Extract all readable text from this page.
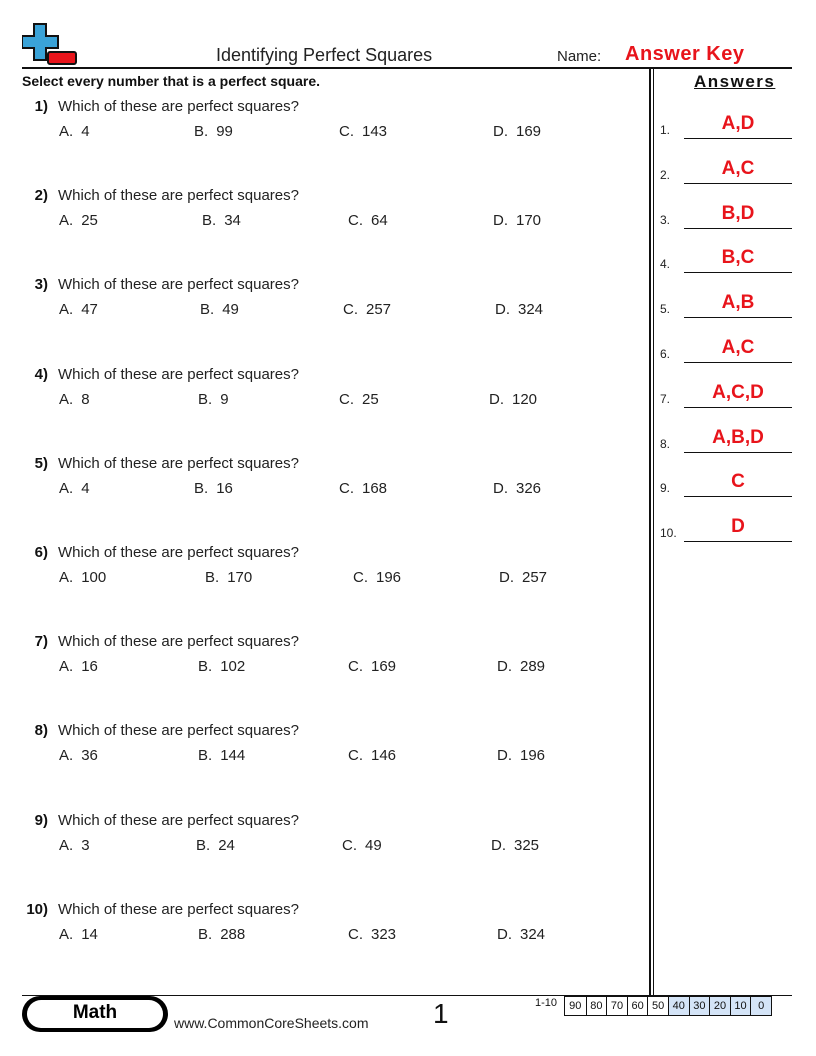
Identifying Perfect Squares	Name: Answer Key
Select every number that is a perfect square.
1) Which of these are perfect squares?
A. 4	B. 99	C. 143	D. 169
2) Which of these are perfect squares?
A. 25	B. 34	C. 64	D. 170
3) Which of these are perfect squares?
A. 47	B. 49	C. 257	D. 324
4) Which of these are perfect squares?
A. 8	B. 9	C. 25	D. 120
5) Which of these are perfect squares?
A. 4	B. 16	C. 168	D. 326
6) Which of these are perfect squares?
A. 100	B. 170	C. 196	D. 257
7) Which of these are perfect squares?
A. 16	B. 102	C. 169	D. 289
8) Which of these are perfect squares?
A. 36	B. 144	C. 146	D. 196
9) Which of these are perfect squares?
A. 3	B. 24	C. 49	D. 325
10) Which of these are perfect squares?
A. 14	B. 288	C. 323	D. 324
Answers
1.	A,D
2.	A,C
3.	B,D
4.	B,C
5.	A,B
6.	A,C
7.	A,C,D
8.	A,B,D
9.	C
10.	D
Math	www.CommonCoreSheets.com 1	1-10	90 80 70 60 50 40 30 20 10	0
